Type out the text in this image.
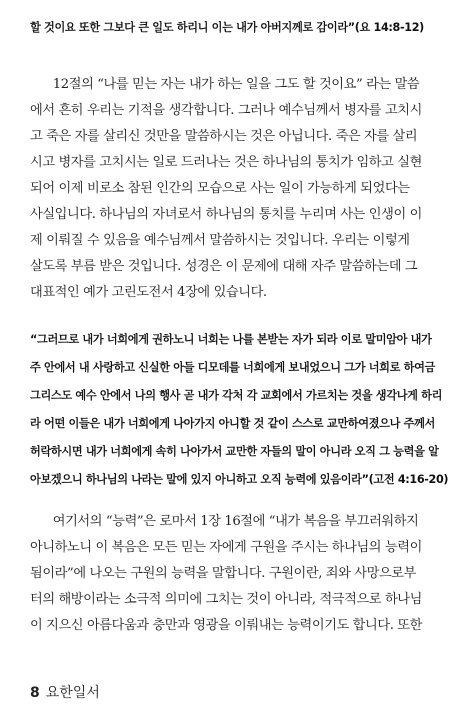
할 것이요 또한 그보다 큰 일도 하리니 이는 내가 아버지께로 감이라”(요 14:8-12)
12절의 “나를 믿는 자는 내가 하는 일을 그도 할 것이요” 라는 말씀
에서 흔히 우리는 기적을 생각합니다. 그러나 예수님께서 병자를 고치시
고 죽은 자를 살리신 것만을 말씀하시는 것은 아닙니다. 죽은 자를 살리
시고 병자를 고치시는 일로 드러나는 것은 하나님의 통치가 임하고 실현
되어 이제 비로소 참된 인간의 모습으로 사는 일이 가능하게 되었다는
사실입니다. 하나님의 자녀로서 하나님의 통치를 누리며 사는 인생이 이
제 이뤄질 수 있음을 예수님께서 말씀하시는 것입니다. 우리는 이렇게
살도록 부름 받은 것입니다. 성경은 이 문제에 대해 자주 말씀하는데 그
대표적인 예가 고린도전서 4장에 있습니다.
“그러므로 내가 너희에게 권하노니 너희는 나를 본받는 자가 되라 이로 말미암아 내가
주 안에서 내 사랑하고 신실한 아들 디모데를 너희에게 보내었으니 그가 너희로 하여금
그리스도 예수 안에서 나의 행사 곧 내가 각처 각 교회에서 가르치는 것을 생각나게 하리
라 어떤 이들은 내가 너희에게 나아가지 아니할 것 같이 스스로 교만하여졌으나 주께서
허락하시면 내가 너희에게 속히 나아가서 교만한 자들의 말이 아니라 오직 그 능력을 알
아보겠으니 하나님의 나라는 말에 있지 아니하고 오직 능력에 있음이라”(고전 4:16-20)
여기서의 “능력”은 로마서 1장 16절에 “내가 복음을 부끄러워하지
아니하노니 이 복음은 모든 믿는 자에게 구원을 주시는 하나님의 능력이
됨이라”에 나오는 구원의 능력을 말합니다. 구원이란, 죄와 사망으로부
터의 해방이라는 소극적 의미에 그치는 것이 아니라, 적극적으로 하나님
이 지으신 아름다움과 충만과 영광을 이뤄내는 능력이기도 합니다. 또한
8 요한일서
